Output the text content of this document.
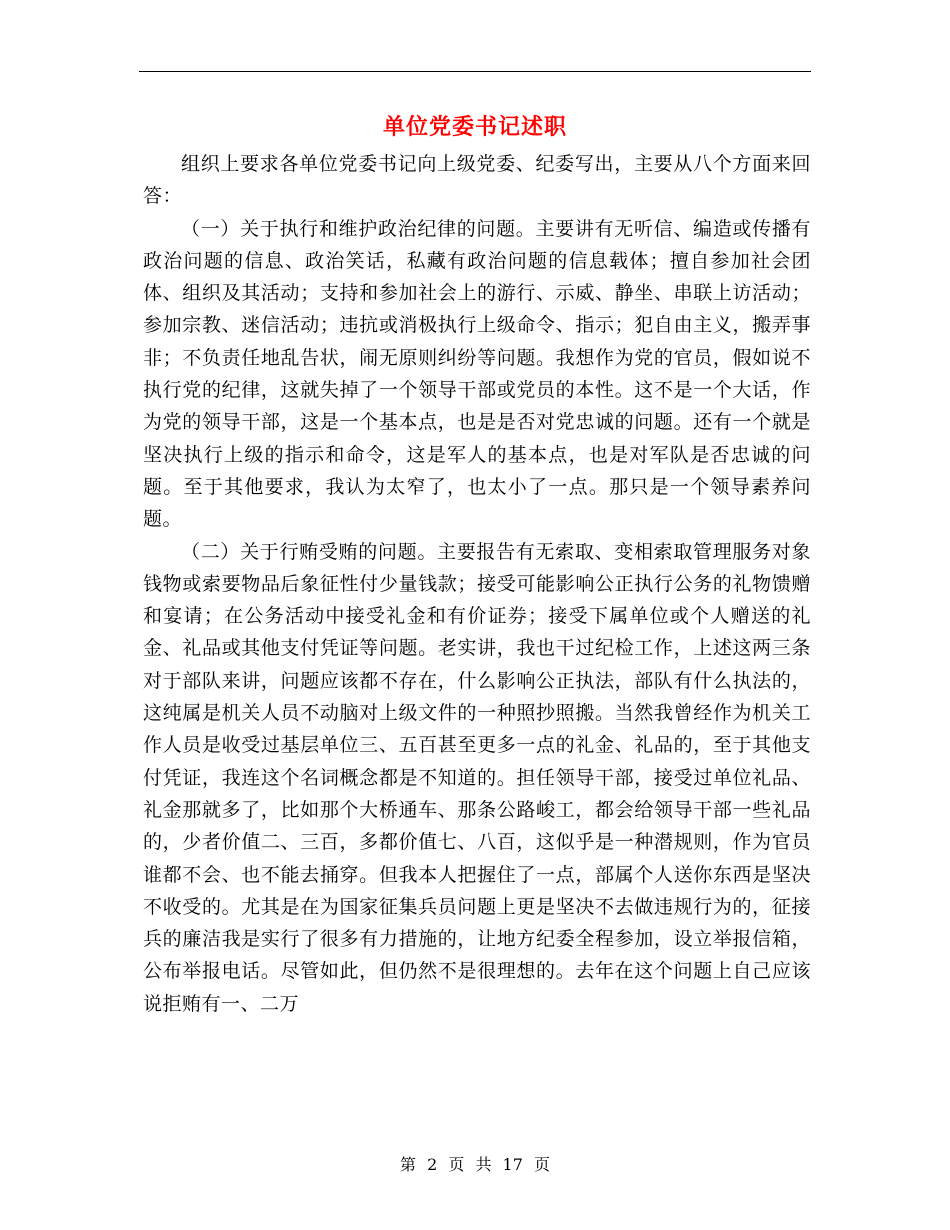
单位党委书记述职

组织上要求各单位党委书记向上级党委、纪委写出，主要从八个方面来回答：

（一）关于执行和维护政治纪律的问题。主要讲有无听信、编造或传播有政治问题的信息、政治笑话，私藏有政治问题的信息载体；擅自参加社会团体、组织及其活动；支持和参加社会上的游行、示威、静坐、串联上访活动；参加宗教、迷信活动；违抗或消极执行上级命令、指示；犯自由主义，搬弄事非；不负责任地乱告状，闹无原则纠纷等问题。我想作为党的官员，假如说不执行党的纪律，这就失掉了一个领导干部或党员的本性。这不是一个大话，作为党的领导干部，这是一个基本点，也是是否对党忠诚的问题。还有一个就是坚决执行上级的指示和命令，这是军人的基本点，也是对军队是否忠诚的问题。至于其他要求，我认为太窄了，也太小了一点。那只是一个领导素养问题。

（二）关于行贿受贿的问题。主要报告有无索取、变相索取管理服务对象钱物或索要物品后象征性付少量钱款；接受可能影响公正执行公务的礼物馈赠和宴请；在公务活动中接受礼金和有价证券；接受下属单位或个人赠送的礼金、礼品或其他支付凭证等问题。老实讲，我也干过纪检工作，上述这两三条对于部队来讲，问题应该都不存在，什么影响公正执法，部队有什么执法的，这纯属是机关人员不动脑对上级文件的一种照抄照搬。当然我曾经作为机关工作人员是收受过基层单位三、五百甚至更多一点的礼金、礼品的，至于其他支付凭证，我连这个名词概念都是不知道的。担任领导干部，接受过单位礼品、礼金那就多了，比如那个大桥通车、那条公路峻工，都会给领导干部一些礼品的，少者价值二、三百，多都价值七、八百，这似乎是一种潜规则，作为官员谁都不会、也不能去捅穿。但我本人把握住了一点，部属个人送你东西是坚决不收受的。尤其是在为国家征集兵员问题上更是坚决不去做违规行为的，征接兵的廉洁我是实行了很多有力措施的，让地方纪委全程参加，设立举报信箱，公布举报电话。尽管如此，但仍然不是很理想的。去年在这个问题上自己应该说拒贿有一、二万

第 2 页 共 17 页
